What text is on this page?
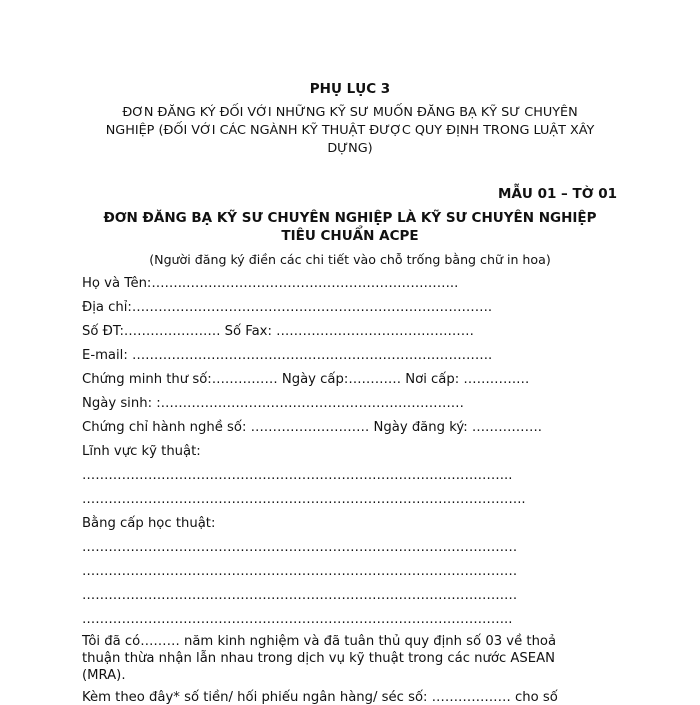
PHỤ LỤC 3
ĐƠN ĐĂNG KÝ ĐỐI VỚI NHỮNG KỸ SƯ MUỐN ĐĂNG BẠ KỸ SƯ CHUYÊN
NGHIỆP (ĐỐI VỚI CÁC NGÀNH KỸ THUẬT ĐƯỢC QUY ĐỊNH TRONG LUẬT XÂY
DỰNG)
MẪU 01 – TỜ 01
ĐƠN ĐĂNG BẠ KỸ SƯ CHUYÊN NGHIỆP LÀ KỸ SƯ CHUYÊN NGHIỆP
TIÊU CHUẨN ACPE
(Người đăng ký điền các chi tiết vào chỗ trống bằng chữ in hoa)
Họ và Tên:……..……………………………………………………..
Địa chỉ:……………………………………………………………………….
Số ĐT:…………………. Số Fax: ………………………………………
E-mail: ……………………………………………………………………….
Chứng minh thư số:…………… Ngày cấp:………… Nơi cấp: ……………
Ngày sinh: :……………………………………………………………
Chứng chỉ hành nghề số: ……………………… Ngày đăng ký: …………….
Lĩnh vực kỹ thuật:
……………………………………………………………………………………..
………………………………………………………………………………………..
Bằng cấp học thuật:
………………………………………………………………………………………
………………………………………………………………………………………
………………………………………………………………………………………
……………………………………………………………………………………..
Tôi đã có……… năm kinh nghiệm và đã tuân thủ quy định số 03 về thoả
thuận thừa nhận lẫn nhau trong dịch vụ kỹ thuật trong các nước ASEAN
(MRA).
Kèm theo đây* số tiền/ hối phiếu ngân hàng/ séc số: ……………… cho số
